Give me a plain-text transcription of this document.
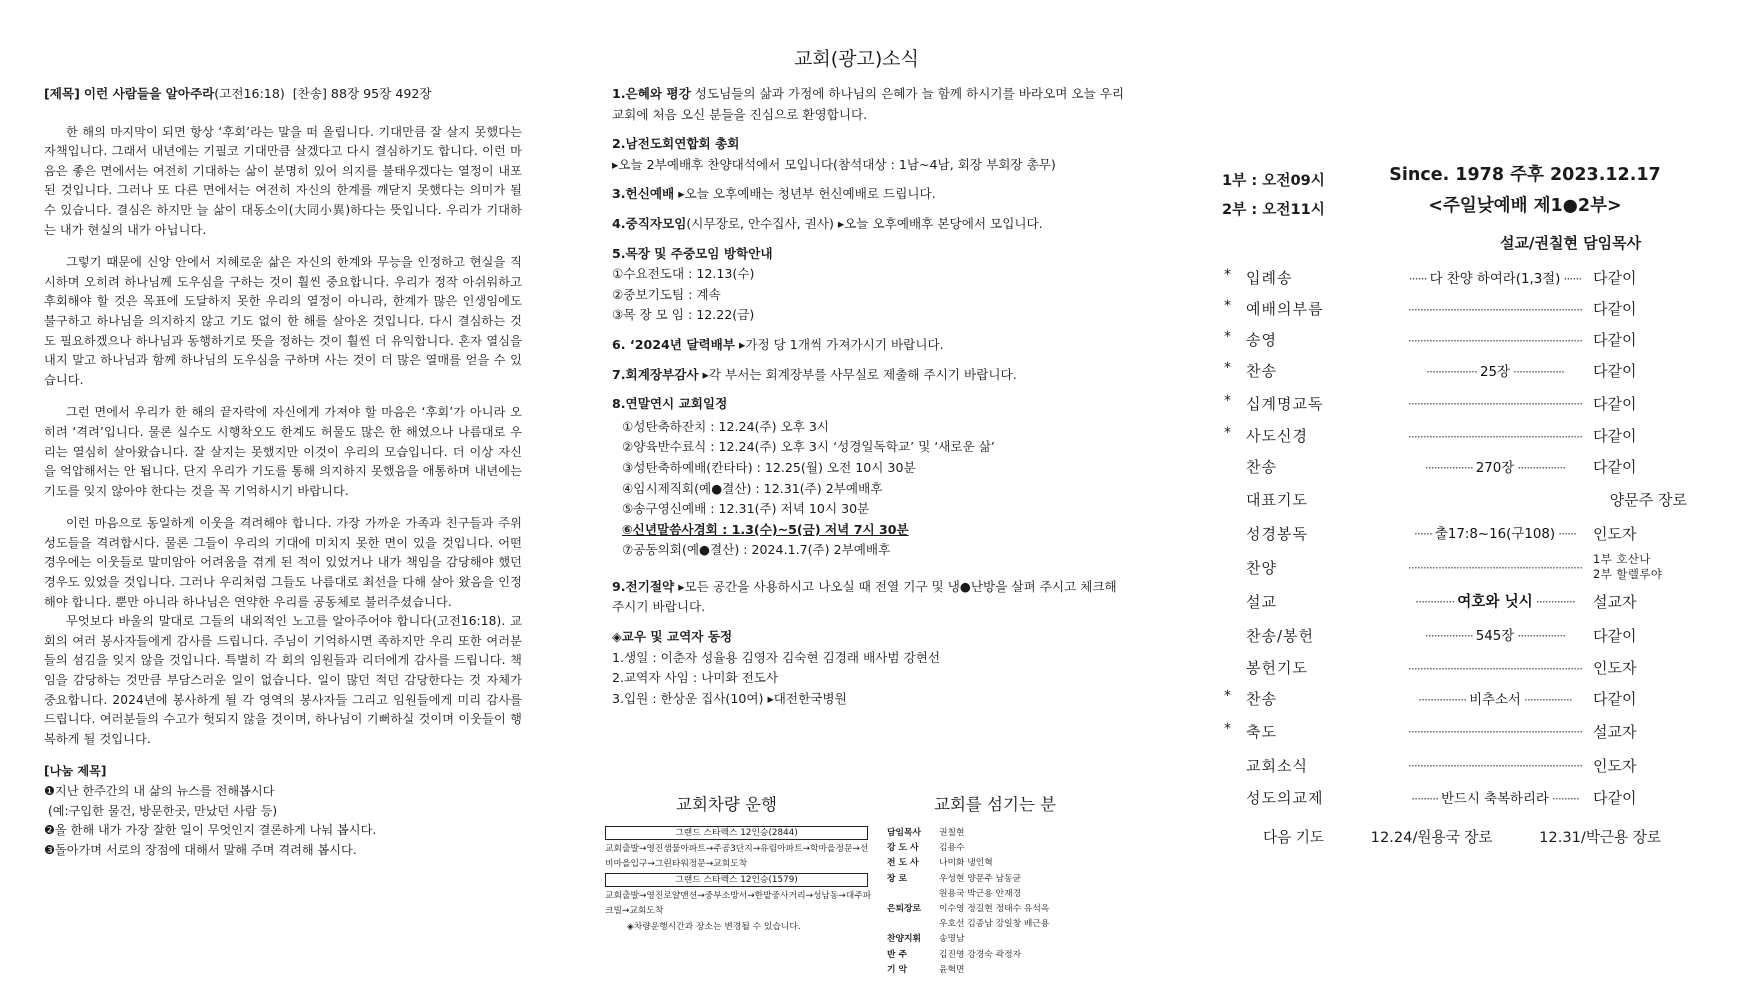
[제목] 이런 사람들을 알아주라(고전16:18) [찬송] 88장 95장 492장

한 해의 마지막이 되면 항상 ‘후회’라는 말을 떠 올립니다. 기대만큼 잘 살지 못했다는 자책입니다. 그래서 내년에는 기필코 기대만큼 살겠다고 다시 결심하기도 합니다. 이런 마음은 좋은 면에서는 여전히 기대하는 삶이 분명히 있어 의지를 불태우겠다는 열정이 내포된 것입니다. 그러나 또 다른 면에서는 여전히 자신의 한계를 깨닫지 못했다는 의미가 될 수 있습니다. 결심은 하지만 늘 삶이 대동소이(大同小異)하다는 뜻입니다. 우리가 기대하는 내가 현실의 내가 아닙니다.

그렇기 때문에 신앙 안에서 지혜로운 삶은 자신의 한계와 무능을 인정하고 현실을 직시하며 오히려 하나님께 도우심을 구하는 것이 훨씬 중요합니다. 우리가 정작 아쉬워하고 후회해야 할 것은 목표에 도달하지 못한 우리의 열정이 아니라, 한계가 많은 인생임에도 불구하고 하나님을 의지하지 않고 기도 없이 한 해를 살아온 것입니다. 다시 결심하는 것도 필요하겠으나 하나님과 동행하기로 뜻을 정하는 것이 훨씬 더 유익합니다. 혼자 열심을 내지 말고 하나님과 함께 하나님의 도우심을 구하며 사는 것이 더 많은 열매를 얻을 수 있습니다.

그런 면에서 우리가 한 해의 끝자락에 자신에게 가져야 할 마음은 ‘후회’가 아니라 오히려 ‘격려’입니다. 물론 실수도 시행착오도 한계도 허물도 많은 한 해였으나 나름대로 우리는 열심히 살아왔습니다. 잘 살지는 못했지만 이것이 우리의 모습입니다. 더 이상 자신을 억압해서는 안 됩니다. 단지 우리가 기도를 통해 의지하지 못했음을 애통하며 내년에는 기도를 잊지 않아야 한다는 것을 꼭 기억하시기 바랍니다.

이런 마음으로 동일하게 이웃을 격려해야 합니다. 가장 가까운 가족과 친구들과 주위 성도들을 격려합시다. 물론 그들이 우리의 기대에 미치지 못한 면이 있을 것입니다. 어떤 경우에는 이웃들로 말미암아 어려움을 겪게 된 적이 있었거나 내가 책임을 감당해야 했던 경우도 있었을 것입니다. 그러나 우리처럼 그들도 나름대로 최선을 다해 살아 왔음을 인정해야 합니다. 뿐만 아니라 하나님은 연약한 우리를 공동체로 불러주셨습니다.

무엇보다 바울의 말대로 그들의 내외적인 노고를 알아주어야 합니다(고전16:18). 교회의 여러 봉사자들에게 감사를 드립니다. 주님이 기억하시면 족하지만 우리 또한 여러분들의 섬김을 잊지 않을 것입니다. 특별히 각 회의 임원들과 리더에게 감사를 드립니다. 책임을 감당하는 것만큼 부담스러운 일이 없습니다. 일이 많던 적던 감당한다는 것 자체가 중요합니다. 2024년에 봉사하게 될 각 영역의 봉사자들 그리고 임원들에게 미리 감사를 드립니다. 여러분들의 수고가 헛되지 않을 것이며, 하나님이 기뻐하실 것이며 이웃들이 행복하게 될 것입니다.

[나눔 제목]
❶지난 한주간의 내 삶의 뉴스를 전해봅시다
(예:구입한 물건, 방문한곳, 만났던 사람 등)
❷올 한해 내가 가장 잘한 일이 무엇인지 결론하게 나눠 봅시다.
❸돌아가며 서로의 장점에 대해서 말해 주며 격려해 봅시다.
교회(광고)소식
1.은혜와 평강 성도님들의 삶과 가정에 하나님의 은혜가 늘 함께 하시기를 바라오며 오늘 우리교회에 처음 오신 분들을 진심으로 환영합니다.
2.남전도회연합회 총회
▸오늘 2부예배후 찬양대석에서 모입니다(참석대상 : 1남~4남, 회장 부회장 총무)
3.헌신예배 ▸오늘 오후예배는 청년부 헌신예배로 드립니다.
4.중직자모임(시무장로, 안수집사, 권사) ▸오늘 오후예배후 본당에서 모입니다.
5.목장 및 주중모임 방학안내
①수요전도대 : 12.13(수)
②중보기도팀 : 계속
③목 장 모 임 : 12.22(금)
6. ‘2024년 달력배부 ▸가정 당 1개씩 가져가시기 바랍니다.
7.회계장부감사 ▸각 부서는 회계장부를 사무실로 제출해 주시기 바랍니다.
8.연말연시 교회일정
①성탄축하잔치 : 12.24(주) 오후 3시
②양육반수료식 : 12.24(주) 오후 3시 ‘성경일독학교’ 및 ‘새로운 삶’
③성탄축하예배(칸타타) : 12.25(월) 오전 10시 30분
④임시제직회(예●결산) : 12.31(주) 2부예배후
⑤송구영신예배 : 12.31(주) 저녁 10시 30분
⑥신년말씀사경회 : 1.3(수)~5(금) 저녁 7시 30분
⑦공동의회(예●결산) : 2024.1.7(주) 2부예배후
9.전기절약 ▸모든 공간을 사용하시고 나오실 때 전열 기구 및 냉●난방을 살펴 주시고 체크해 주시기 바랍니다.
◈교우 및 교역자 동정
1.생일 : 이춘자 성율용 김영자 김숙현 김경래 배사범 강현선
2.교역자 사임 : 나미화 전도사
3.입원 : 한상운 집사(10여) ▸대전한국병원
교회차량 운행
그랜드 스타렉스 12인승(2844)
교회출발→영진샘물아파트→주공3단지→유림아파트→학마을정문→선비마을입구→그린타워정문→교회도착
그랜드 스타렉스 12인승(1579)
교회출발→영진로얄맨션→중부소방서→한밭중사거리→성남동→대주파크빌→교회도착
◈차량운행시간과 장소는 변경될 수 있습니다.
교회를 섬기는 분
담임목사	권칠현
강 도 사	김용수
전 도 사	나미화 냉인혁
장 로	우성현 양문주 남동균
원용국 박근용 안재경
은퇴장로	이수영 정길현 정태수 유석옥
우호선 김종남 강일창 배근용
찬양지휘	송명남
반 주	김진영 강경숙 곽정자
기 악	윤혁면
1부 : 오전09시
2부 : 오전11시
Since. 1978 주후 2023.12.17
<주일낮예배 제1●2부>
설교/권칠현 담임목사
* 입례송	······ 다 찬양 하여라(1,3절) ······ 다같이
* 예배의부름	·························································· 다같이
* 송영	·························································· 다같이
* 찬송	················· 25장 ·················	다같이
* 십계명교독	·························································· 다같이
* 사도신경	·························································· 다같이
찬송	················ 270장 ················	다같이
대표기도	양문주 장로
성경봉독	······ 출17:8~16(구108) ······	인도자
찬양	··························································
1부 호산나
2부 할렐루야
설교	············· 여호와 닛시 ·············	설교자
찬송/봉헌	················ 545장 ················	다같이
봉헌기도	·························································· 인도자
* 찬송	················ 비추소서 ················	다같이
* 축도	·························································· 설교자
교회소식	·························································· 인도자
성도의교제	········· 반드시 축복하리라 ········· 다같이
다음 기도	12.24/원용국 장로	12.31/박근용 장로
